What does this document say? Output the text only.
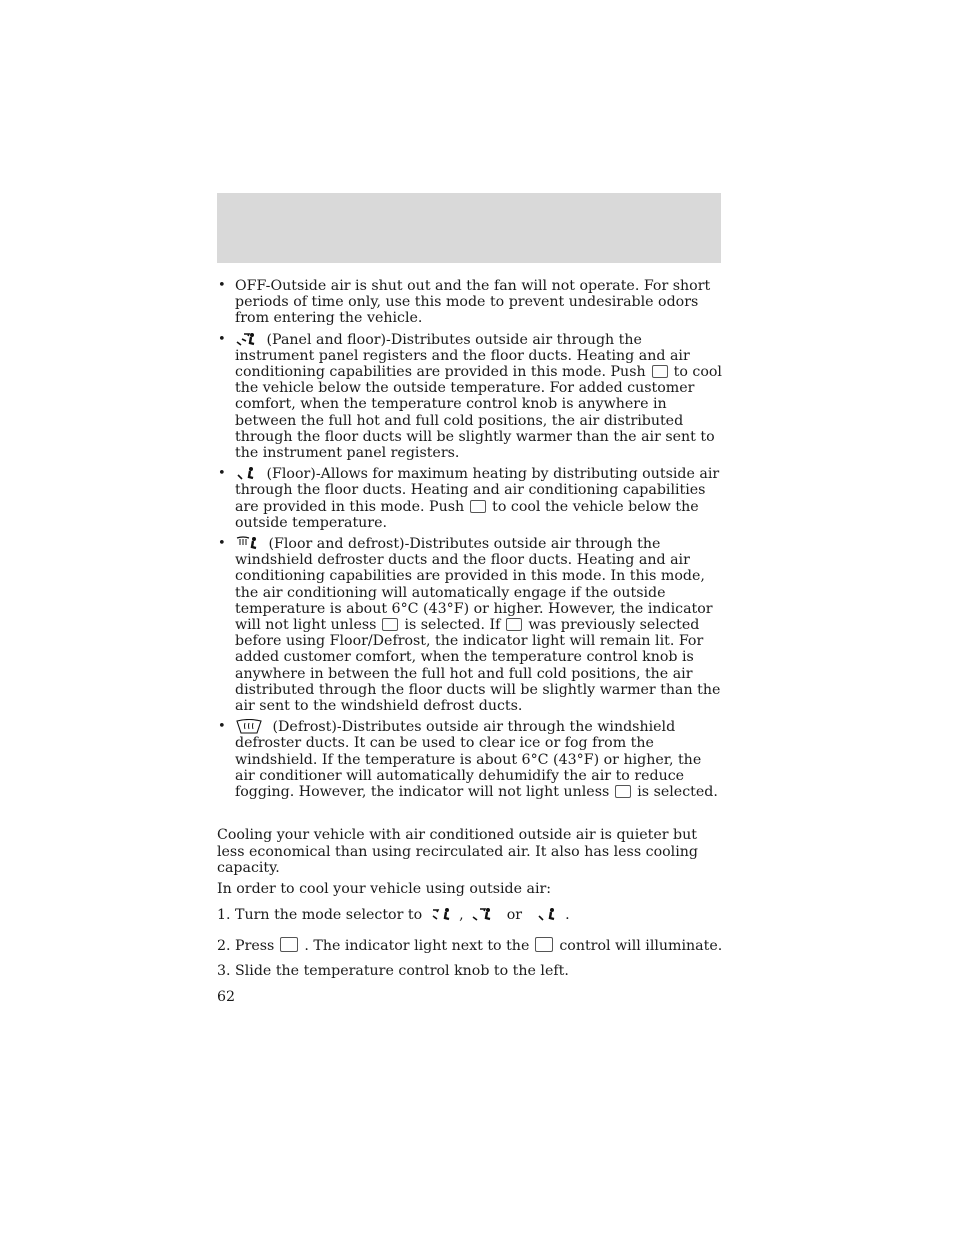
• OFF-Outside air is shut out and the fan will not operate. For short periods of time only, use this mode to prevent undesirable odors from entering the vehicle.
•	(Panel and floor)-Distributes outside air through the instrument panel registers and the floor ducts. Heating and air conditioning capabilities are provided in this mode. Push to cool the vehicle below the outside temperature. For added customer comfort, when the temperature control knob is anywhere in between the full hot and full cold positions, the air distributed through the floor ducts will be slightly warmer than the air sent to the instrument panel registers.
•	(Floor)-Allows for maximum heating by distributing outside air through the floor ducts. Heating and air conditioning capabilities are provided in this mode. Push to cool the vehicle below the outside temperature.
•	(Floor and defrost)-Distributes outside air through the windshield defroster ducts and the floor ducts. Heating and air conditioning capabilities are provided in this mode. In this mode, the air conditioning will automatically engage if the outside temperature is about 6°C (43°F) or higher. However, the indicator will not light unless is selected. If was previously selected before using Floor/Defrost, the indicator light will remain lit. For added customer comfort, when the temperature control knob is anywhere in between the full hot and full cold positions, the air distributed through the floor ducts will be slightly warmer than the air sent to the windshield defrost ducts.
•	(Defrost)-Distributes outside air through the windshield defroster ducts. It can be used to clear ice or fog from the windshield. If the temperature is about 6°C (43°F) or higher, the air conditioner will automatically dehumidify the air to reduce fogging. However, the indicator will not light unless is selected.

Cooling your vehicle with air conditioned outside air is quieter but less economical than using recirculated air. It also has less cooling capacity.

In order to cool your vehicle using outside air:

1. Turn the mode selector to	,	or	.

2. Press . The indicator light next to the control will illuminate.

3. Slide the temperature control knob to the left.

62
